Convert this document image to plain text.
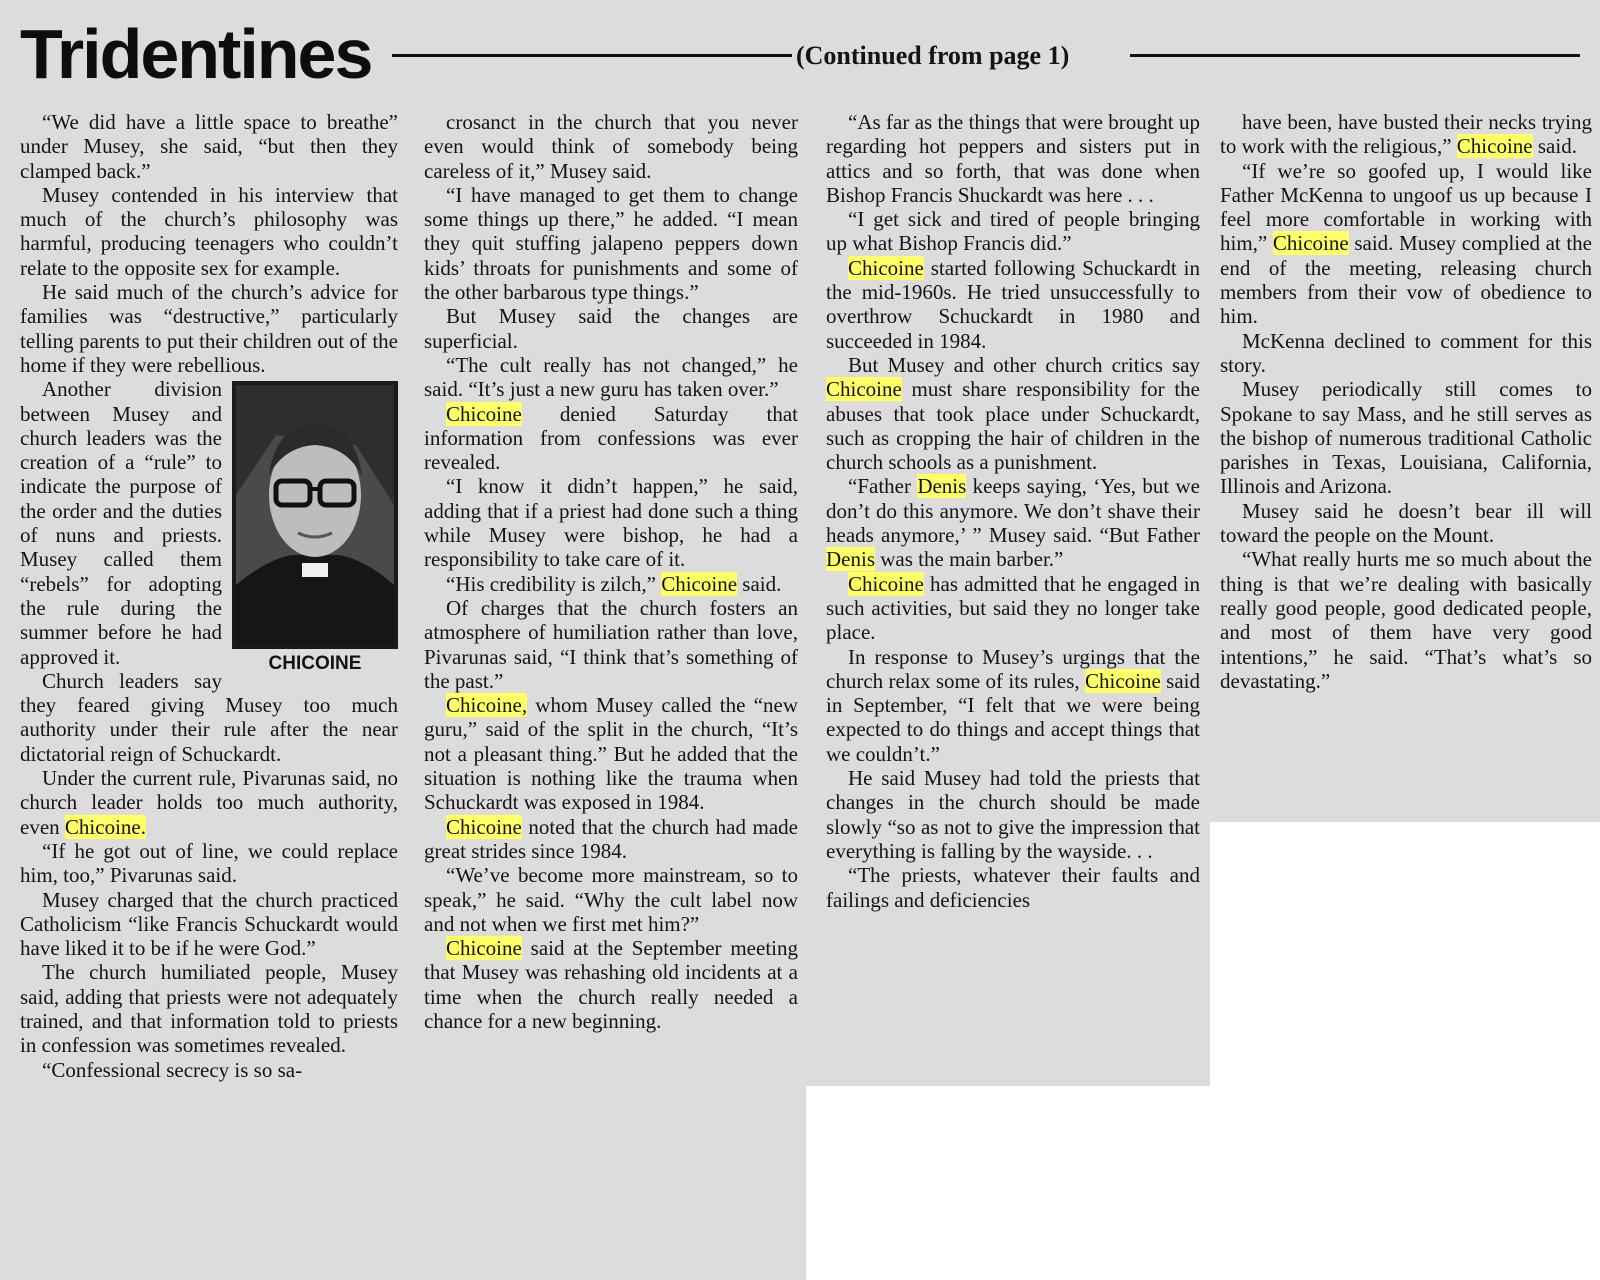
Tridentines	(Continued from page 1)

“We did have a little space to breathe” under Musey, she said, “but then they clamped back.”

Musey contended in his interview that much of the church’s philosophy was harmful, producing teenagers who couldn’t relate to the opposite sex for example.

He said much of the church’s advice for families was “destructive,” particularly telling parents to put their children out of the home if they were rebellious.

CHICOINE

Another division between Musey and church leaders was the creation of a “rule” to indicate the purpose of the order and the duties of nuns and priests. Musey called them “rebels” for adopting the rule during the summer before he had approved it.

Church leaders say they feared giving Musey too much authority under their rule after the near dictatorial reign of Schuckardt.

Under the current rule, Pivarunas said, no church leader holds too much authority, even Chicoine.

“If he got out of line, we could replace him, too,” Pivarunas said.

Musey charged that the church practiced Catholicism “like Francis Schuckardt would have liked it to be if he were God.”

The church humiliated people, Musey said, adding that priests were not adequately trained, and that information told to priests in confession was sometimes revealed.

“Confessional secrecy is so sa-

crosanct in the church that you never even would think of somebody being careless of it,” Musey said.

“I have managed to get them to change some things up there,” he added. “I mean they quit stuffing jalapeno peppers down kids’ throats for punishments and some of the other barbarous type things.”

But Musey said the changes are superficial.

“The cult really has not changed,” he said. “It’s just a new guru has taken over.”

Chicoine denied Saturday that information from confessions was ever revealed.

“I know it didn’t happen,” he said, adding that if a priest had done such a thing while Musey were bishop, he had a responsibility to take care of it.

“His credibility is zilch,” Chicoine said.

Of charges that the church fosters an atmosphere of humiliation rather than love, Pivarunas said, “I think that’s something of the past.”

Chicoine, whom Musey called the “new guru,” said of the split in the church, “It’s not a pleasant thing.” But he added that the situation is nothing like the trauma when Schuckardt was exposed in 1984.

Chicoine noted that the church had made great strides since 1984.

“We’ve become more mainstream, so to speak,” he said. “Why the cult label now and not when we first met him?”

Chicoine said at the September meeting that Musey was rehashing old incidents at a time when the church really needed a chance for a new beginning.

“As far as the things that were brought up regarding hot peppers and sisters put in attics and so forth, that was done when Bishop Francis Shuckardt was here . . .

“I get sick and tired of people bringing up what Bishop Francis did.”

Chicoine started following Schuckardt in the mid-1960s. He tried unsuccessfully to overthrow Schuckardt in 1980 and succeeded in 1984.

But Musey and other church critics say Chicoine must share responsibility for the abuses that took place under Schuckardt, such as cropping the hair of children in the church schools as a punishment.

“Father Denis keeps saying, ‘Yes, but we don’t do this anymore. We don’t shave their heads anymore,’ ” Musey said. “But Father Denis was the main barber.”

Chicoine has admitted that he engaged in such activities, but said they no longer take place.

In response to Musey’s urgings that the church relax some of its rules, Chicoine said in September, “I felt that we were being expected to do things and accept things that we couldn’t.”

He said Musey had told the priests that changes in the church should be made slowly “so as not to give the impression that everything is falling by the wayside. . .

“The priests, whatever their faults and failings and deficiencies

have been, have busted their necks trying to work with the religious,” Chicoine said.

“If we’re so goofed up, I would like Father McKenna to ungoof us up because I feel more comfortable in working with him,” Chicoine said. Musey complied at the end of the meeting, releasing church members from their vow of obedience to him.

McKenna declined to comment for this story.

Musey periodically still comes to Spokane to say Mass, and he still serves as the bishop of numerous traditional Catholic parishes in Texas, Louisiana, California, Illinois and Arizona.

Musey said he doesn’t bear ill will toward the people on the Mount.

“What really hurts me so much about the thing is that we’re dealing with basically really good people, good dedicated people, and most of them have very good intentions,” he said. “That’s what’s so devastating.”
